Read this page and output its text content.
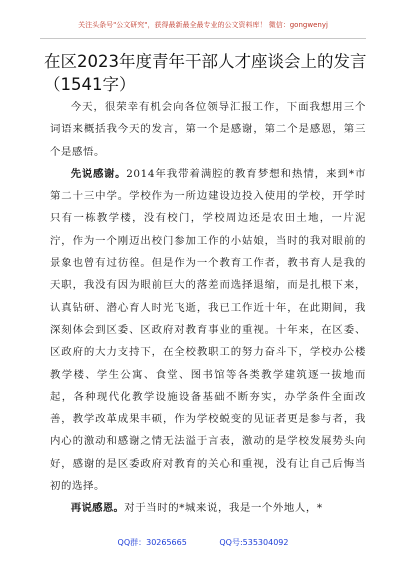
关注头条号"公文研究"，获得最新最全最专业的公文资料库！ 微信：gongwenyj
在区2023年度青年干部人才座谈会上的发言（1541字）

今天，很荣幸有机会向各位领导汇报工作，下面我想用三个词语来概括我今天的发言，第一个是感谢，第二个是感恩，第三个是感悟。

先说感谢。2014年我带着满腔的教育梦想和热情，来到*市第二十三中学。学校作为一所边建设边投入使用的学校，开学时只有一栋教学楼，没有校门，学校周边还是农田土地，一片泥泞，作为一个刚迈出校门参加工作的小姑娘，当时的我对眼前的景象也曾有过彷徨。但是作为一个教育工作者，教书育人是我的天职，我没有因为眼前巨大的落差而选择退缩，而是扎根下来，认真钻研、潜心育人时光飞逝，我已工作近十年，在此期间，我深刻体会到区委、区政府对教育事业的重视。十年来，在区委、区政府的大力支持下，在全校教职工的努力奋斗下，学校办公楼教学楼、学生公寓、食堂、图书馆等各类教学建筑逐一拔地而起，各种现代化教学设施设备基础不断夯实，办学条件全面改善，教学改革成果丰硕，作为学校蜕变的见证者更是参与者，我内心的激动和感谢之情无法溢于言表，激动的是学校发展势头向好，感谢的是区委政府对教育的关心和重视，没有让自己后悔当初的选择。

再说感恩。对于当时的*城来说，我是一个外地人，*

QQ群：30265665	QQ号:535304092
